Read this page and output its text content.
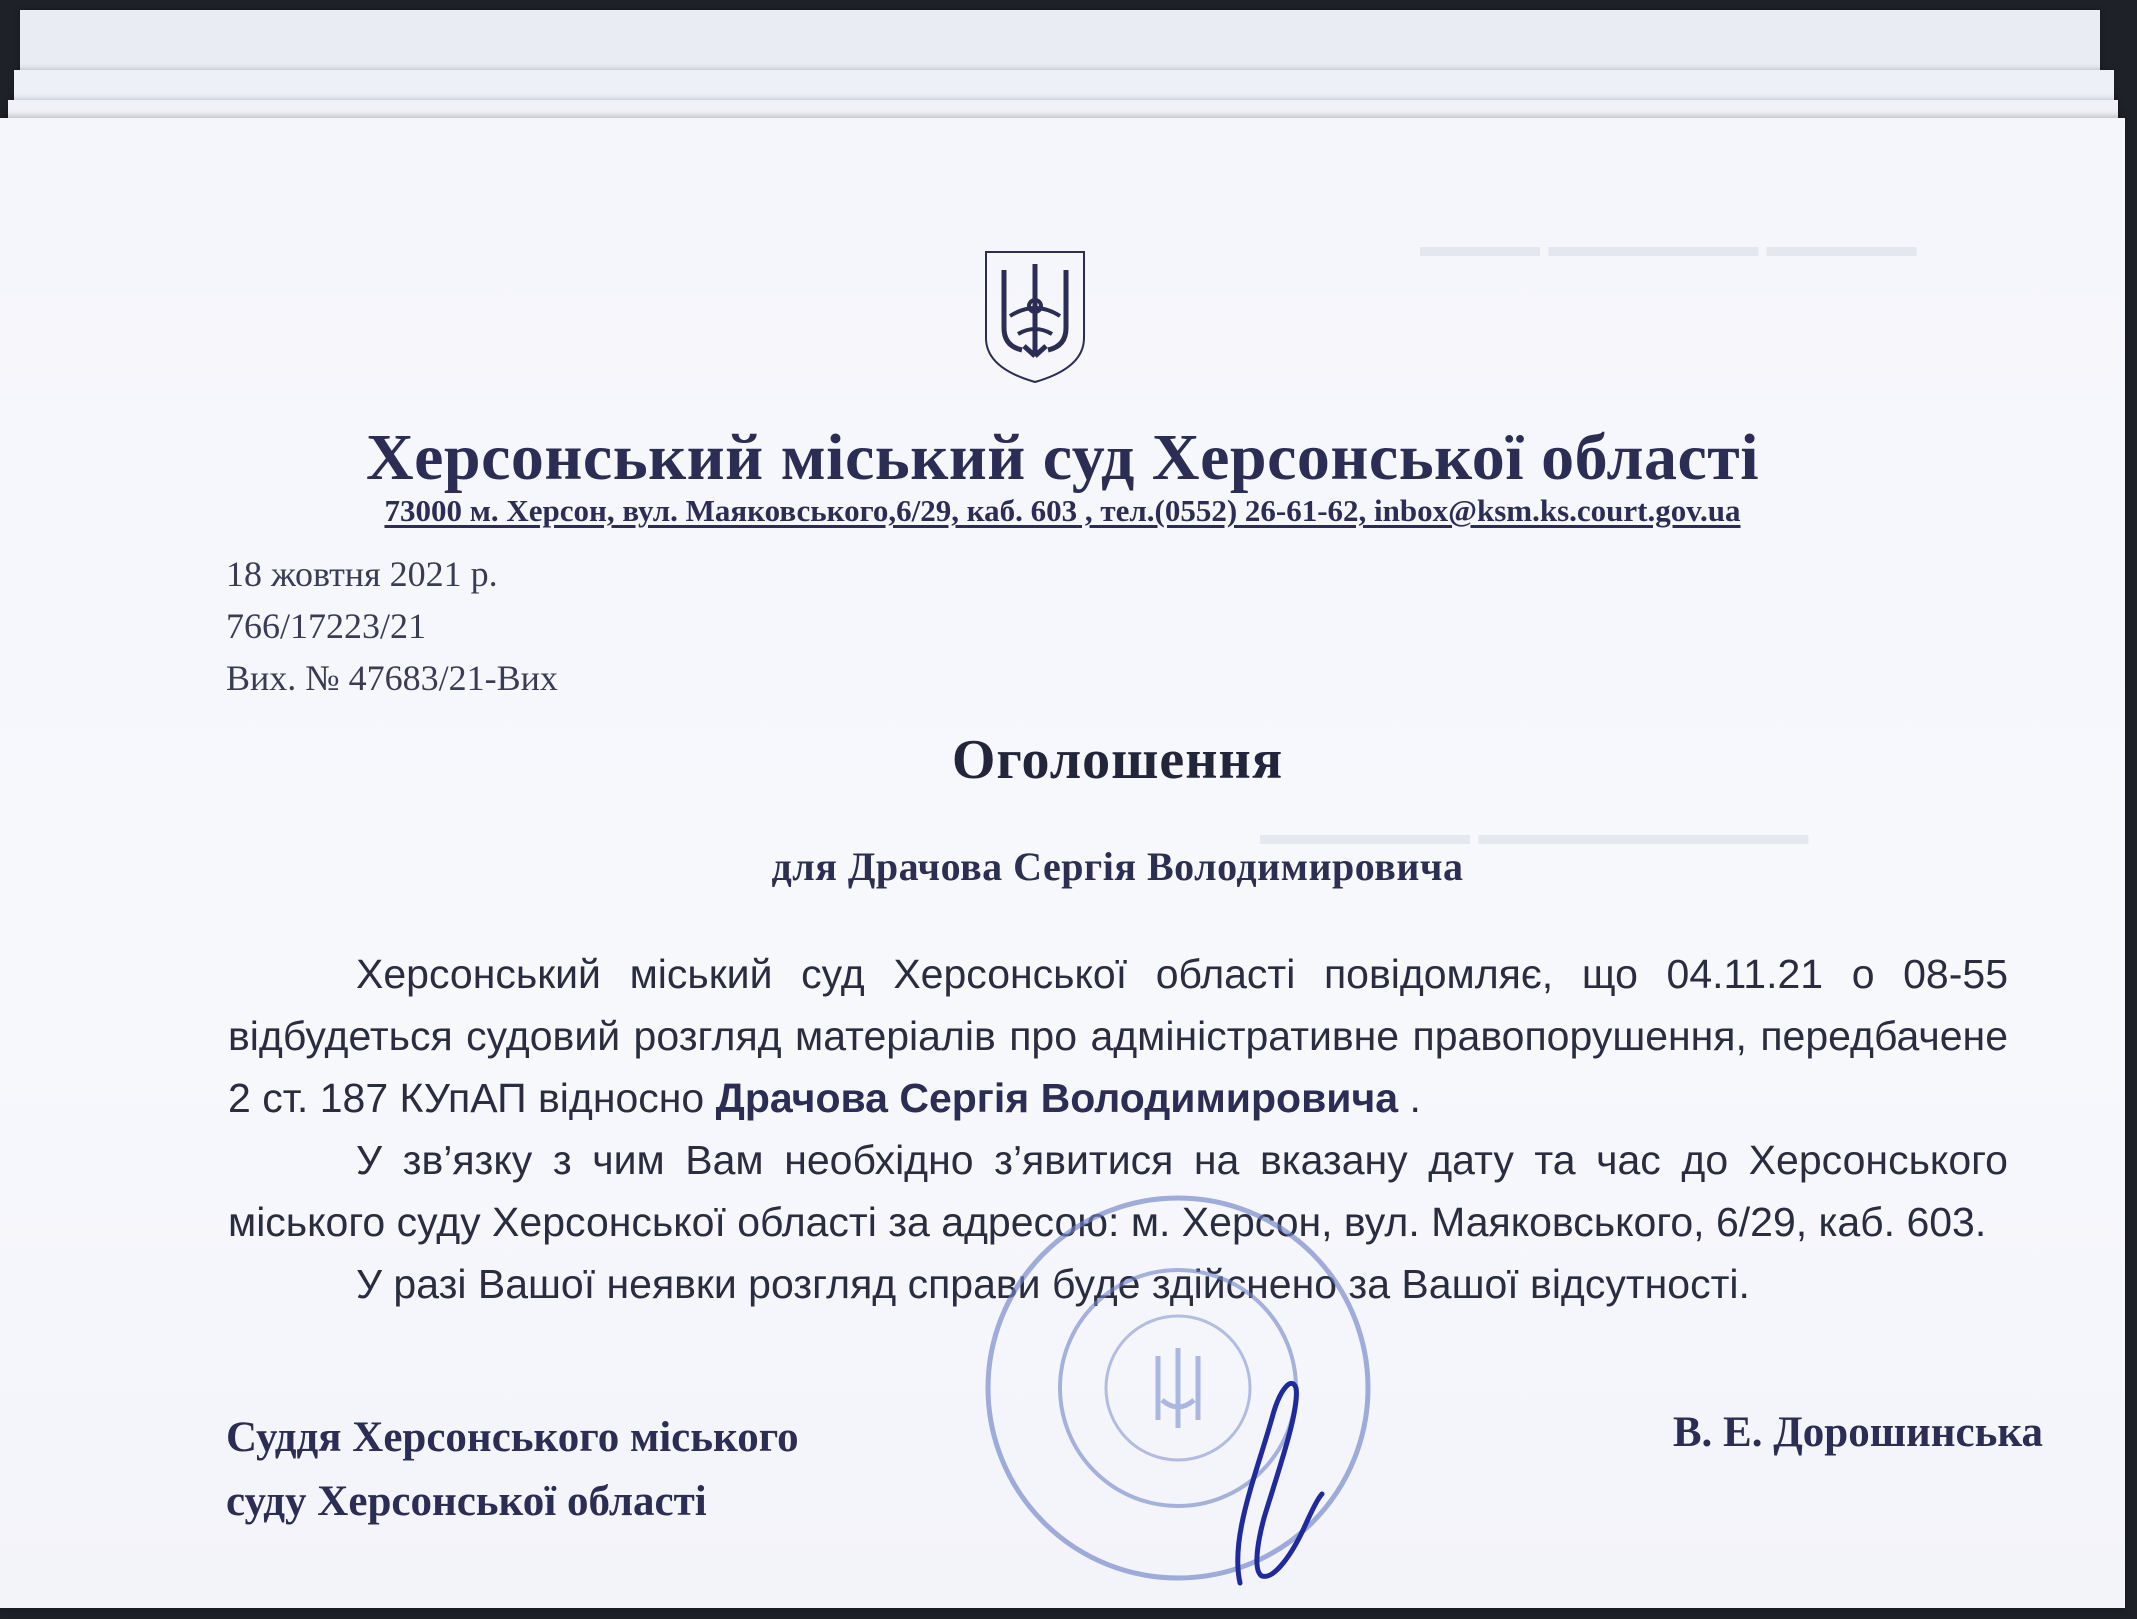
▬▬▬▬ ▬▬▬▬▬▬▬ ▬▬▬▬▬
▬▬▬▬▬▬▬ ▬▬▬▬▬▬▬▬▬▬▬
Херсонський міський суд Херсонської області
73000 м. Херсон, вул. Маяковського,6/29, каб. 603 , тел.(0552) 26-61-62, inbox@ksm.ks.court.gov.ua
18 жовтня 2021 р.
766/17223/21
Вих. № 47683/21-Вих
Оголошення
для Драчова Сергія Володимировича

Херсонський міський суд Херсонської області повідомляє, що 04.11.21 о 08-55 відбудеться судовий розгляд матеріалів про адміністративне правопорушення, передбачене 2 ст. 187 КУпАП відносно Драчова Сергія Володимировича .

У зв’язку з чим Вам необхідно з’явитися на вказану дату та час до Херсонського міського суду Херсонської області за адресою: м. Херсон, вул. Маяковського, 6/29, каб. 603.

У разі Вашої неявки розгляд справи буде здійснено за Вашої відсутності.

Суддя Херсонського міського
суду Херсонської області
В. Е. Дорошинська
